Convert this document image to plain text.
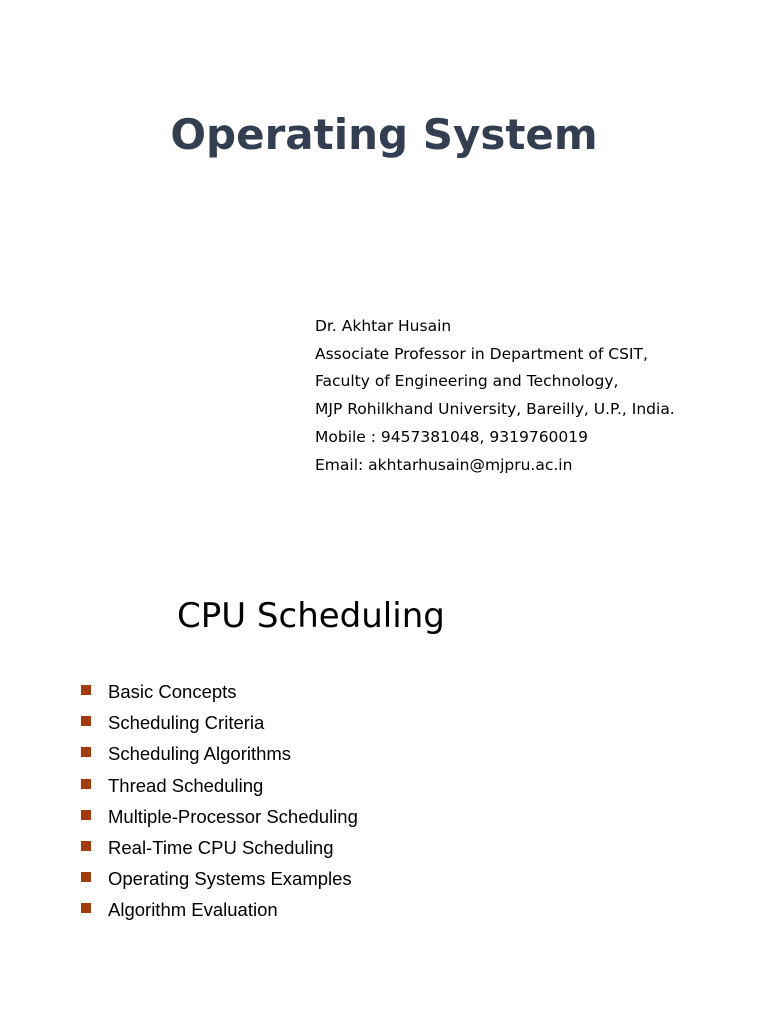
Operating System
Dr. Akhtar Husain
Associate Professor in Department of CSIT,
Faculty of Engineering and Technology,
MJP Rohilkhand University, Bareilly, U.P., India.
Mobile : 9457381048, 9319760019
Email: akhtarhusain@mjpru.ac.in
CPU Scheduling
Basic Concepts
Scheduling Criteria
Scheduling Algorithms
Thread Scheduling
Multiple-Processor Scheduling
Real-Time CPU Scheduling
Operating Systems Examples
Algorithm Evaluation
